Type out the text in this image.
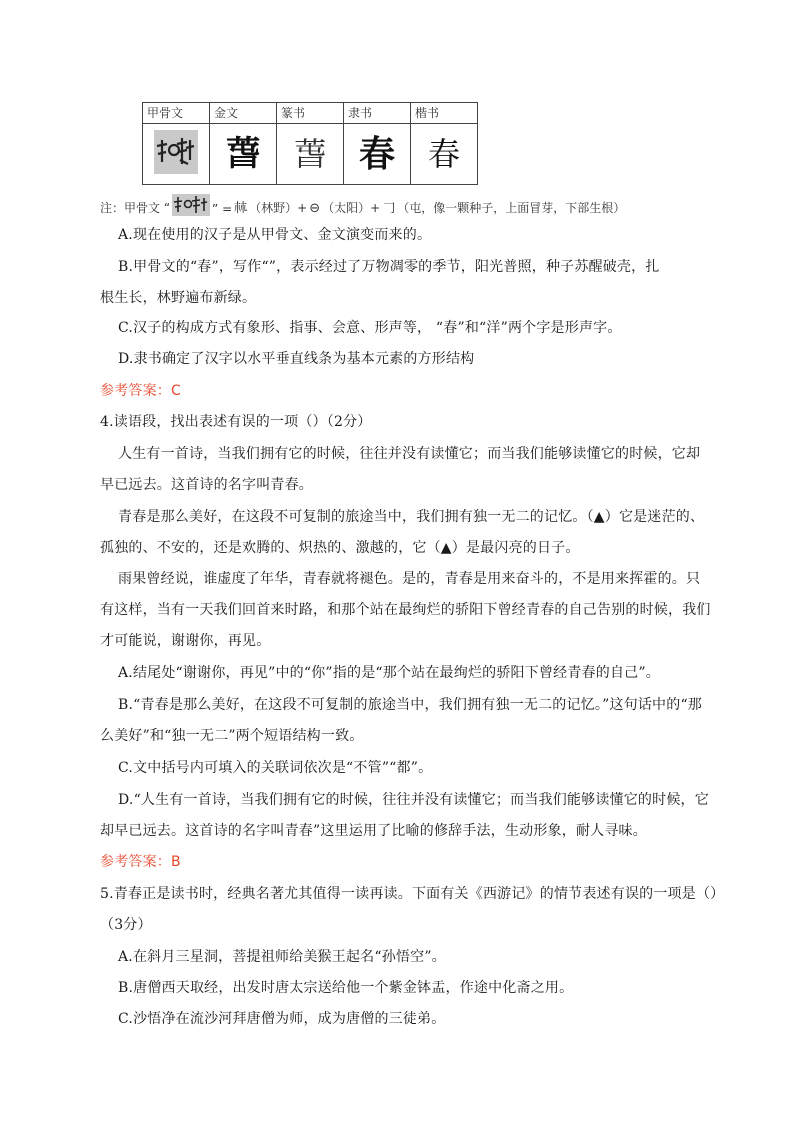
甲骨文	金文	篆书	隶书	楷书

	萅	萅	春	春
注：甲骨文 “	” = 𣏟 （林野）+ ⊖ （太阳）+ 𠃌 （屯，像一颗种子，上面冒芽，下部生根）
A.现在使用的汉子是从甲骨文、金文演变而来的。
B.甲骨文的“春”，写作“”，表示经过了万物凋零的季节，阳光普照，种子苏醒破壳，扎
根生长，林野遍布新绿。
C.汉子的构成方式有象形、指事、会意、形声等， “春”和“洋”两个字是形声字。
D.隶书确定了汉字以水平垂直线条为基本元素的方形结构
参考答案：C
4.读语段，找出表述有误的一项（）（2分）
人生有一首诗，当我们拥有它的时候，往往并没有读懂它；而当我们能够读懂它的时候，它却
早已远去。这首诗的名字叫青春。
青春是那么美好，在这段不可复制的旅途当中，我们拥有独一无二的记忆。（▲）它是迷茫的、
孤独的、不安的，还是欢腾的、炽热的、激越的，它（▲）是最闪亮的日子。
雨果曾经说，谁虚度了年华，青春就将褪色。是的，青春是用来奋斗的，不是用来挥霍的。只
有这样，当有一天我们回首来时路，和那个站在最绚烂的骄阳下曾经青春的自己告别的时候，我们
才可能说，谢谢你，再见。
A.结尾处“谢谢你，再见”中的“你”指的是“那个站在最绚烂的骄阳下曾经青春的自己”。
B.“青春是那么美好，在这段不可复制的旅途当中，我们拥有独一无二的记忆。”这句话中的“那
么美好”和“独一无二”两个短语结构一致。
C.文中括号内可填入的关联词依次是“不管”“都”。
D.“人生有一首诗，当我们拥有它的时候，往往并没有读懂它；而当我们能够读懂它的时候，它
却早已远去。这首诗的名字叫青春”这里运用了比喻的修辞手法，生动形象，耐人寻味。
参考答案：B
5.青春正是读书时，经典名著尤其值得一读再读。下面有关《西游记》的情节表述有误的一项是（）
（3分）
A.在斜月三星洞，菩提祖师给美猴王起名“孙悟空”。
B.唐僧西天取经，出发时唐太宗送给他一个紫金钵盂，作途中化斋之用。
C.沙悟净在流沙河拜唐僧为师，成为唐僧的三徒弟。
